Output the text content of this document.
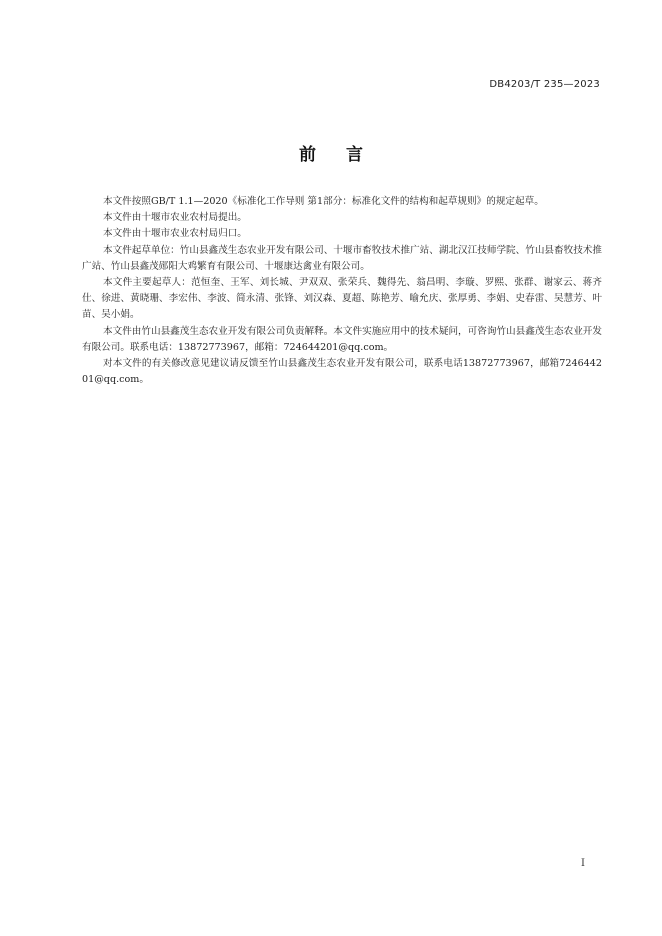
DB4203/T 235—2023
前言

本文件按照GB/T 1.1—2020《标准化工作导则 第1部分：标准化文件的结构和起草规则》的规定起草。

本文件由十堰市农业农村局提出。

本文件由十堰市农业农村局归口。

本文件起草单位：竹山县鑫茂生态农业开发有限公司、十堰市畜牧技术推广站、湖北汉江技师学院、竹山县畜牧技术推广站、竹山县鑫茂郧阳大鸡繁育有限公司、十堰康达禽业有限公司。

本文件主要起草人：范恒奎、王军、刘长城、尹双双、张荣兵、魏得先、翁昌明、李璇、罗熙、张群、谢家云、蒋齐仕、徐进、黄晓珊、李宏伟、李波、简永清、张锋、刘汉森、夏超、陈艳芳、喻允庆、张厚勇、李娟、史春雷、吴慧芳、叶苗、吴小娟。

本文件由竹山县鑫茂生态农业开发有限公司负责解释。本文件实施应用中的技术疑问，可咨询竹山县鑫茂生态农业开发有限公司。联系电话：13872773967，邮箱：724644201@qq.com。

对本文件的有关修改意见建议请反馈至竹山县鑫茂生态农业开发有限公司，联系电话13872773967，邮箱724644201@qq.com。

I
